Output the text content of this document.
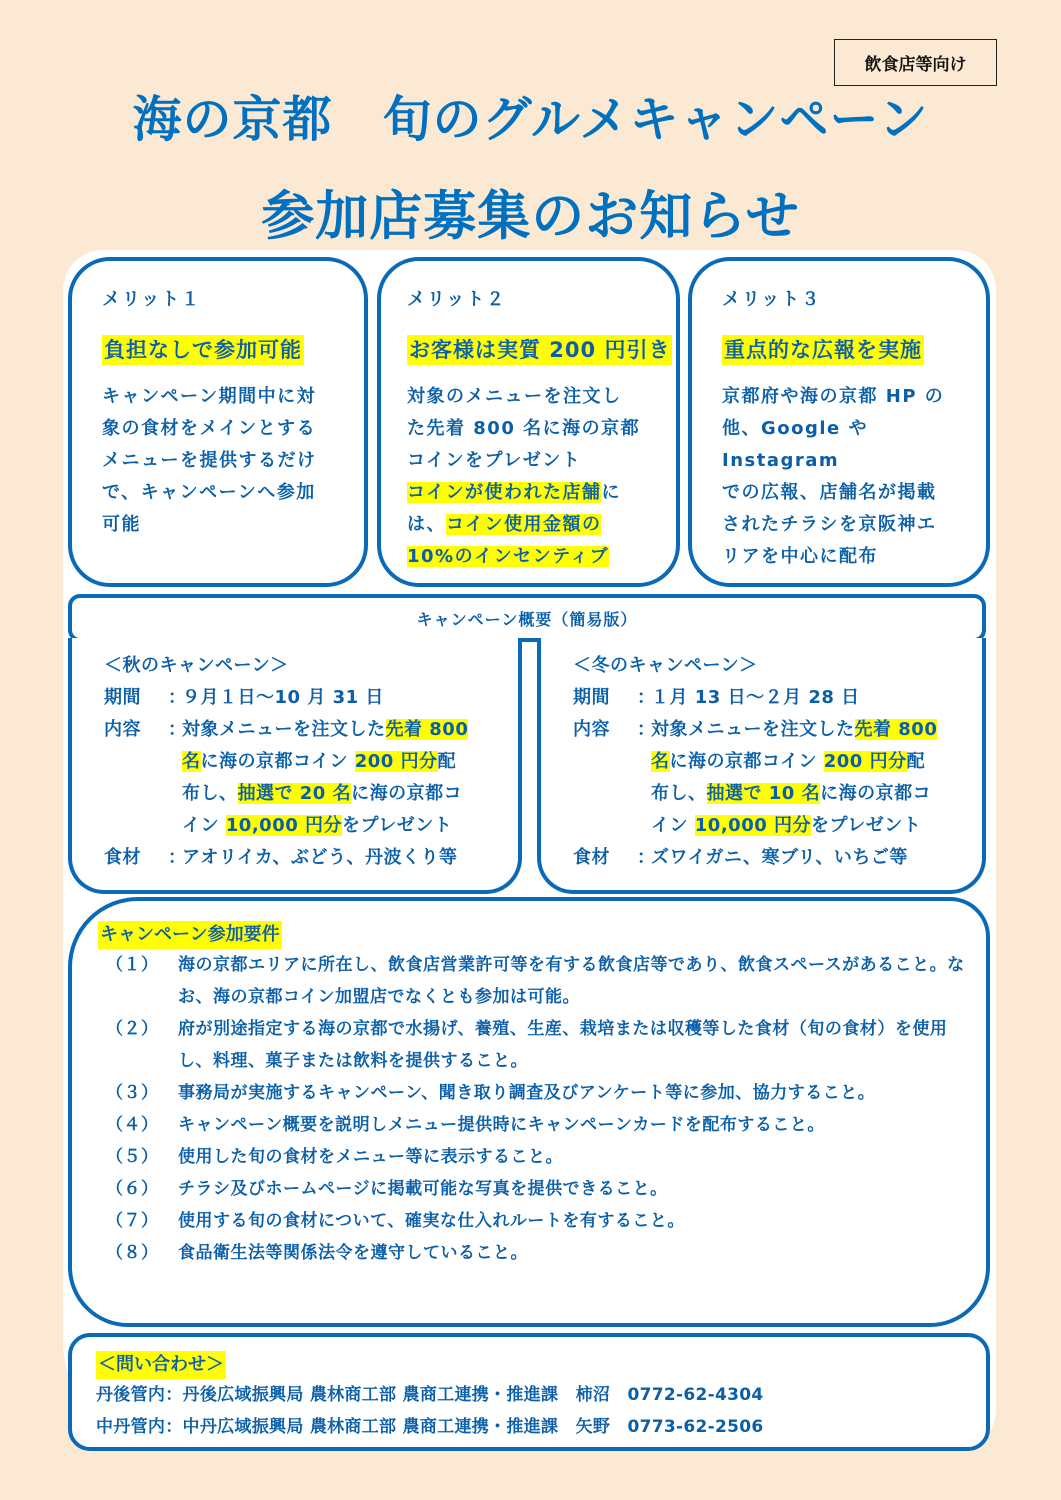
飲食店等向け
海の京都　旬のグルメキャンペーン
参加店募集のお知らせ
メリット１
負担なしで参加可能
キャンペーン期間中に対
象の食材をメインとする
メニューを提供するだけ
で、キャンペーンへ参加
可能
メリット２
お客様は実質 200 円引き
対象のメニューを注文し
た先着 800 名に海の京都
コインをプレゼント
コインが使われた店舗に
は、コイン使用金額の
10%のインセンティブ
メリット３
重点的な広報を実施
京都府や海の京都 HP の
他、Google や Instagram
での広報、店舗名が掲載
されたチラシを京阪神エ
リアを中心に配布
キャンペーン概要（簡易版）
＜秋のキャンペーン＞
期間	：
９月１日～10 月 31 日
内容	：
対象メニューを注文した先着 800
名に海の京都コイン 200 円分配
布し、抽選で 20 名に海の京都コ
イン 10,000 円分をプレゼント
食材	：
アオリイカ、ぶどう、丹波くり等
＜冬のキャンペーン＞
期間	：
１月 13 日～２月 28 日
内容	：
対象メニューを注文した先着 800
名に海の京都コイン 200 円分配
布し、抽選で 10 名に海の京都コ
イン 10,000 円分をプレゼント
食材	：
ズワイガニ、寒ブリ、いちご等
キャンペーン参加要件
（１）	海の京都エリアに所在し、飲食店営業許可等を有する飲食店等であり、飲食スペースがあること。なお、海の京都コイン加盟店でなくとも参加は可能。
（２）	府が別途指定する海の京都で水揚げ、養殖、生産、栽培または収穫等した食材（旬の食材）を使用し、料理、菓子または飲料を提供すること。
（３）	事務局が実施するキャンペーン、聞き取り調査及びアンケート等に参加、協力すること。
（４）	キャンペーン概要を説明しメニュー提供時にキャンペーンカードを配布すること。
（５）	使用した旬の食材をメニュー等に表示すること。
（６）	チラシ及びホームページに掲載可能な写真を提供できること。
（７）	使用する旬の食材について、確実な仕入れルートを有すること。
（８）	食品衛生法等関係法令を遵守していること。
＜問い合わせ＞
丹後管内：丹後広域振興局 農林商工部 農商工連携・推進課　 柿沼　 0772-62-4304
中丹管内：中丹広域振興局 農林商工部 農商工連携・推進課　 矢野　 0773-62-2506
